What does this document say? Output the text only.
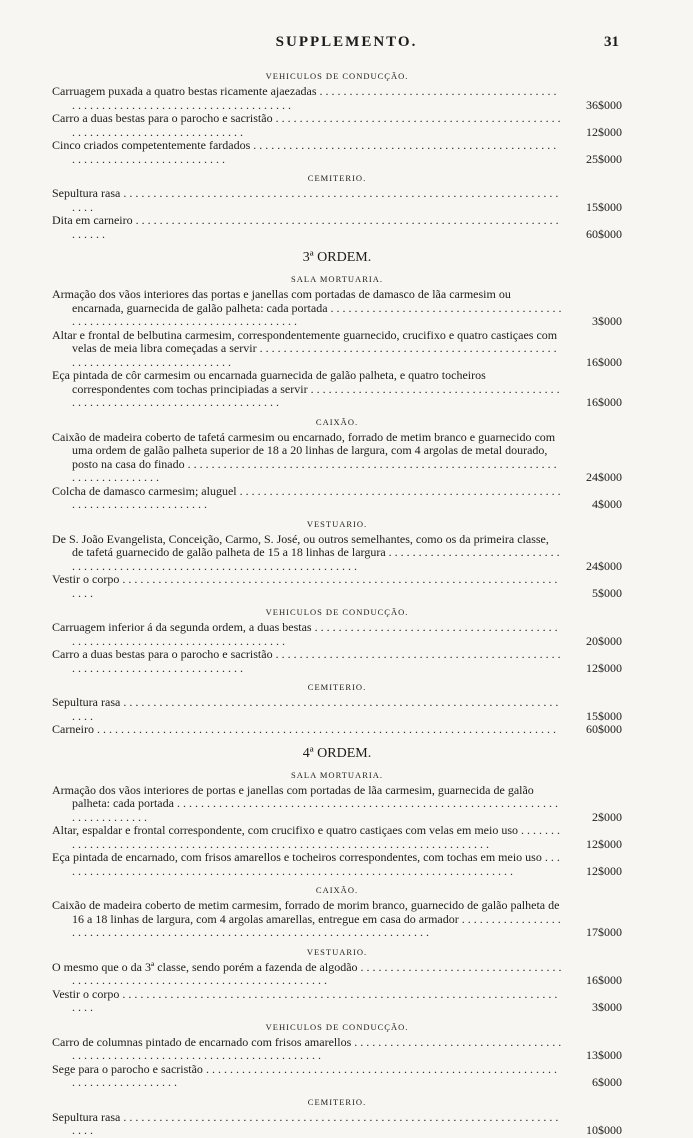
SUPPLEMENTO.	31
VEHICULOS DE CONDUCÇÃO.
Carruagem puxada a quatro bestas ricamente ajaezadas . . .
36$000
Carro a duas bestas para o parocho e sacristão . . .
12$000
Cinco criados competentemente fardados . . .
25$000
CEMITERIO.
Sepultura rasa . . .
15$000
Dita em carneiro . . .
60$000
3ª ORDEM.
SALA MORTUARIA.
Armação dos vãos interiores das portas e janellas com portadas de damasco de lãa carmesim ou encarnada, guarnecida de galão palheta: cada portada . . .
3$000
Altar e frontal de belbutina carmesim, correspondentemente guarnecido, crucifixo e quatro castiçaes com velas de meia libra começadas a servir . . .
16$000
Eça pintada de côr carmesim ou encarnada guarnecida de galão palheta, e quatro tocheiros correspondentes com tochas principiadas a servir . . .
16$000
CAIXÃO.
Caixão de madeira coberto de tafetá carmesim ou encarnado, forrado de metim branco e guarnecido com uma ordem de galão palheta superior de 18 a 20 linhas de largura, com 4 argolas de metal dourado, posto na casa do finado . . .
24$000
Colcha de damasco carmesim; aluguel . . .
4$000
VESTUARIO.
De S. João Evangelista, Conceição, Carmo, S. José, ou outros semelhantes, como os da primeira classe, de tafetá guarnecido de galão palheta de 15 a 18 linhas de largura . . .
24$000
Vestir o corpo . . .
5$000
VEHICULOS DE CONDUCÇÃO.
Carruagem inferior á da segunda ordem, a duas bestas . . .
20$000
Carro a duas bestas para o parocho e sacristão . . .
12$000
CEMITERIO.
Sepultura rasa . . .
15$000
Carneiro . . .	60$000
4ª ORDEM.
SALA MORTUARIA.
Armação dos vãos interiores de portas e janellas com portadas de lãa carmesim, guarnecida de galão palheta: cada portada . . .
2$000
Altar, espaldar e frontal correspondente, com crucifixo e quatro castiçaes com velas em meio uso . . .
12$000
Eça pintada de encarnado, com frisos amarellos e tocheiros correspondentes, com tochas em meio uso . . .
12$000
CAIXÃO.
Caixão de madeira coberto de metim carmesim, forrado de morim branco, guarnecido de galão palheta de 16 a 18 linhas de largura, com 4 argolas amarellas, entregue em casa do armador . . .
17$000
VESTUARIO.
O mesmo que o da 3ª classe, sendo porém a fazenda de algodão . . .
16$000
Vestir o corpo . . .
3$000
VEHICULOS DE CONDUCÇÃO.
Carro de columnas pintado de encarnado com frisos amarellos . . .
13$000
Sege para o parocho e sacristão . . .
6$000
CEMITERIO.
Sepultura rasa . . .
10$000
